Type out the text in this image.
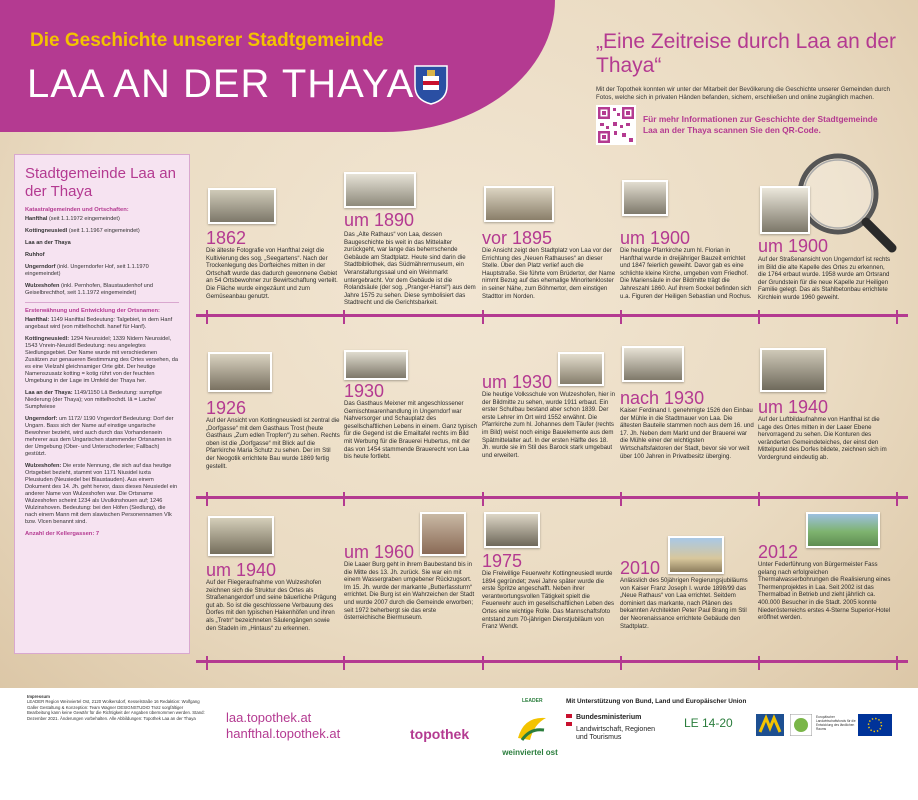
Die Geschichte unserer Stadtgemeinde
LAA AN DER THAYA
„Eine Zeitreise durch Laa an der Thaya“
Mit der Topothek konnten wir unter der Mitarbeit der Bevölkerung die Geschichte unserer Gemeinden durch Fotos, welche sich in privaten Händen befanden, sichern, erschließen und online zugänglich machen.
Für mehr Informationen zur Geschichte der Stadtgemeinde Laa an der Thaya scannen Sie den QR-Code.
Stadtgemeinde Laa an der Thaya
Katastralgemeinden und Ortschaften:
Hanfthal (seit 1.1.1972 eingemeindet)
Kottingneusiedl (seit 1.1.1967 eingemeindet)
Laa an der Thaya
Ruhhof
Ungerndorf (inkl. Ungerndorfer Hof, seit 1.1.1970 eingemeindet)
Wulzeshofen (inkl. Pernhofen, Blaustaudenhof und Geiselbrechthof, seit 1.1.1972 eingemeindet)
Ersterwähnung und Entwicklung der Ortsnamen:
Hanfthal: 1149 Hanifttal Bedeutung: Talgebiet, in dem Hanf angebaut wird (von mittelhochdt. hanef für Hanf).
Kottingneusiedl: 1294 Neunsidel; 1339 Nidern Neunsidel, 1543 Vnrein-Neusidl Bedeutung: neu angelegtes Siedlungsgebiet. Der Name wurde mit verschiedenen Zusätzen zur genaueren Bestimmung des Ortes versehen, da es eine Vielzahl gleichnamiger Orte gibt. Der heutige Namenszusatz kotting = kotig rührt von der feuchten Umgebung in der Lage im Umfeld der Thaya her.
Laa an der Thaya: 1149/1150 Lâ Bedeutung: sumpfige Niederung (der Thaya); von mittelhochdt. lâ = Lache/ Sumpfwiese
Ungerndorf: um 1172/ 1190 Vngerdorf Bedeutung: Dorf der Ungarn. Bass sich der Name auf einstige ungarische Bewohner bezieht, wird auch durch das Vorhandensein mehrerer aus dem Ungarischen stammender Ortsnamen in der Umgebung (Ober- und Unterschoderlee; Fallbach) gestützt.
Wulzeshofen: Die erste Nennung, die sich auf das heutige Ortsgebiet bezieht, stammt von 1171 Niusidel iuxta Pleusiuden (Neusiedel bei Blaustauden). Aus einem Dokument des 14. Jh. geht hervor, dass dieses Neusiedel ein anderer Name von Wulzeshofen war. Die Ortsname Wulzeshofen scheint 1234 als Uvulkinshouen auf; 1246 Wulzinshoven. Bedeutung: bei den Höfen (Siedlung), die nach einem Mann mit dem slawischen Personennamen Vlk bzw. Vlcen benannt sind.
Anzahl der Kellergassen: 7
1862
Die älteste Fotografie von Hanfthal zeigt die Kultivierung des sog. „Seegartens“. Nach der Trockenlegung des Dorfteiches mitten in der Ortschaft wurde das dadurch gewonnene Gebiet an 54 Ortsbewohner zur Bewirtschaftung verteilt. Die Fläche wurde eingezäunt und zum Gemüseanbau genutzt.
um 1890
Das „Alte Rathaus“ von Laa, dessen Baugeschichte bis weit in das Mittelalter zurückgeht, war lange das beherrschende Gebäude am Stadtplatz. Heute sind darin die Stadtbibliothek, das Südmährermuseum, ein Veranstaltungssaal und ein Weinmarkt untergebracht. Vor dem Gebäude ist die Rolandsäule (der sog. „Pranger-Hansl“) aus dem Jahre 1575 zu sehen. Diese symbolisiert das Stadtrecht und die Gerichtsbarkeit.
vor 1895
Die Ansicht zeigt den Stadtplatz von Laa vor der Errichtung des „Neuen Rathauses“ an dieser Stelle. Über den Platz verlief auch die Hauptstraße. Sie führte vom Brüdertor, der Name nimmt Bezug auf das ehemalige Minoritenkloster in seiner Nähe, zum Böhmertor, dem einstigen Stadttor im Norden.
um 1900
Die heutige Pfarrkirche zum hl. Florian in Hanfthal wurde in dreijähriger Bauzeit errichtet und 1847 feierlich geweiht. Davor gab es eine schlichte kleine Kirche, umgeben vom Friedhof. Die Mariensäule in der Bildmitte trägt die Jahreszahl 1860. Auf ihrem Sockel befinden sich u.a. Figuren der Heiligen Sebastian und Rochus.
um 1900
Auf der Straßenansicht von Ungerndorf ist rechts im Bild die alte Kapelle des Ortes zu erkennen, die 1764 erbaut wurde. 1958 wurde am Ortsrand der Grundstein für die neue Kapelle zur Heiligen Familie gelegt. Das als Stahlbetonbau errichtete Kirchlein wurde 1960 geweiht.
1926
Auf der Ansicht von Kottingneusiedl ist zentral die „Dorfgasse“ mit dem Gasthaus Trost (heute Gasthaus „Zum edlen Tropfen“) zu sehen. Rechts oben ist die „Dorfgasse“ mit Blick auf die Pfarrkirche Maria Schutz zu sehen. Der im Stil der Neogotik errichtete Bau wurde 1869 fertig gestellt.
1930
Das Gasthaus Meixner mit angeschlossener Gemischtwarenhandlung in Ungerndorf war Nahversorger und Schauplatz des gesellschaftlichen Lebens in einem. Ganz typisch für die Gegend ist die Emailtafel rechts im Bild mit Werbung für die Brauerei Hubertus, mit der das von 1454 stammende Brauerecht von Laa bis heute fortlebt.
um 1930
Die heutige Volksschule von Wulzeshofen, hier in der Bildmitte zu sehen, wurde 1911 erbaut. Ein erster Schulbau bestand aber schon 1839. Der erste Lehrer im Ort wird 1552 erwähnt. Die Pfarrkirche zum hl. Johannes dem Täufer (rechts im Bild) weist noch einige Bauelemente aus dem Spätmittelalter auf. In der ersten Hälfte des 18. Jh. wurde sie im Stil des Barock stark umgebaut und erweitert.
nach 1930
Kaiser Ferdinand I. genehmigte 1526 den Einbau der Mühle in die Stadtmauer von Laa. Die ältesten Bauteile stammen noch aus dem 16. und 17. Jh. Neben dem Markt und der Brauerei war die Mühle einer der wichtigsten Wirtschaftsfaktoren der Stadt, bevor sie vor weit über 100 Jahren in Privatbesitz überging.
um 1940
Auf der Luftbildaufnahme von Hanfthal ist die Lage des Ortes mitten in der Laaer Ebene hervorragend zu sehen. Die Konturen des veränderten Gemeindeteiches, der einst den Mittelpunkt des Dorfes bildete, zeichnen sich im Vordergrund eindeutig ab.
um 1940
Auf der Fliegeraufnahme von Wulzeshofen zeichnen sich die Struktur des Ortes als Straßenangerdorf und seine bäuerliche Prägung gut ab. So ist die geschlossene Verbauung des Dorfes mit den typischen Hakenhöfen und ihren als „Tretn“ bezeichneten Säulengängen sowie den Stadeln im „Hintaus“ zu erkennen.
um 1960
Die Laaer Burg geht in ihrem Baubestand bis in die Mitte des 13. Jh. zurück. Sie war ein mit einem Wassergraben umgebener Rückzugsort. Im 15. Jh. wurde der markante „Butterfassturm“ errichtet. Die Burg ist ein Wahrzeichen der Stadt und wurde 2007 durch die Gemeinde erworben; seit 1972 beherbergt sie das erste österreichische Biermuseum.
1975
Die Freiwillige Feuerwehr Kottingneusiedl wurde 1894 gegründet; zwei Jahre später wurde die erste Spritze angeschafft. Neben ihrer verantwortungsvollen Tätigkeit spielt die Feuerwehr auch im gesellschaftlichen Leben des Ortes eine wichtige Rolle. Das Mannschaftsfoto entstand zum 70-jährigen Dienstjubiläum von Franz Wendt.
2010
Anlässlich des 50jährigen Regierungsjubiläums von Kaiser Franz Joseph I. wurde 1898/99 das „Neue Rathaus“ von Laa errichtet. Seitdem dominiert das markante, nach Plänen des bekannten Architekten Peter Paul Brang im Stil der Neorenaissance errichtete Gebäude den Stadtplatz.
2012
Unter Federführung von Bürgermeister Fass gelang nach erfolgreichen Thermalwasserbohrungen die Realisierung eines Thermenprojektes in Laa. Seit 2002 ist das Thermalbad in Betrieb und zieht jährlich ca. 400.000 Besucher in die Stadt. 2005 konnte Niederösterreichs erstes 4-Sterne Superior-Hotel eröffnet werden.
Impressum
LEADER Region Weinviertel Ost, 2120 Wolkersdorf, Kesselstraße 16 Redaktion: Wolfgang Galler Gestaltung & Konzeption: Team Wagner DESIGNSTUDIO Trotz sorgfältiger Bearbeitung kann keine Gewähr für die Richtigkeit der Angaben übernommen werden. Stand: Dezember 2021. Änderungen vorbehalten. Alle Abbildungen: Topothek Laa an der Thaya	laa.topothek.at
hanfthal.topothek.at	topothek
LEADER
weinviertel ost
Mit Unterstützung von Bund, Land und Europäischer Union
Bundesministerium
Landwirtschaft, Regionen
und Tourismus
LE 14-20	Europäischer Landwirtschaftsfonds für die Entwicklung des ländlichen Raums
